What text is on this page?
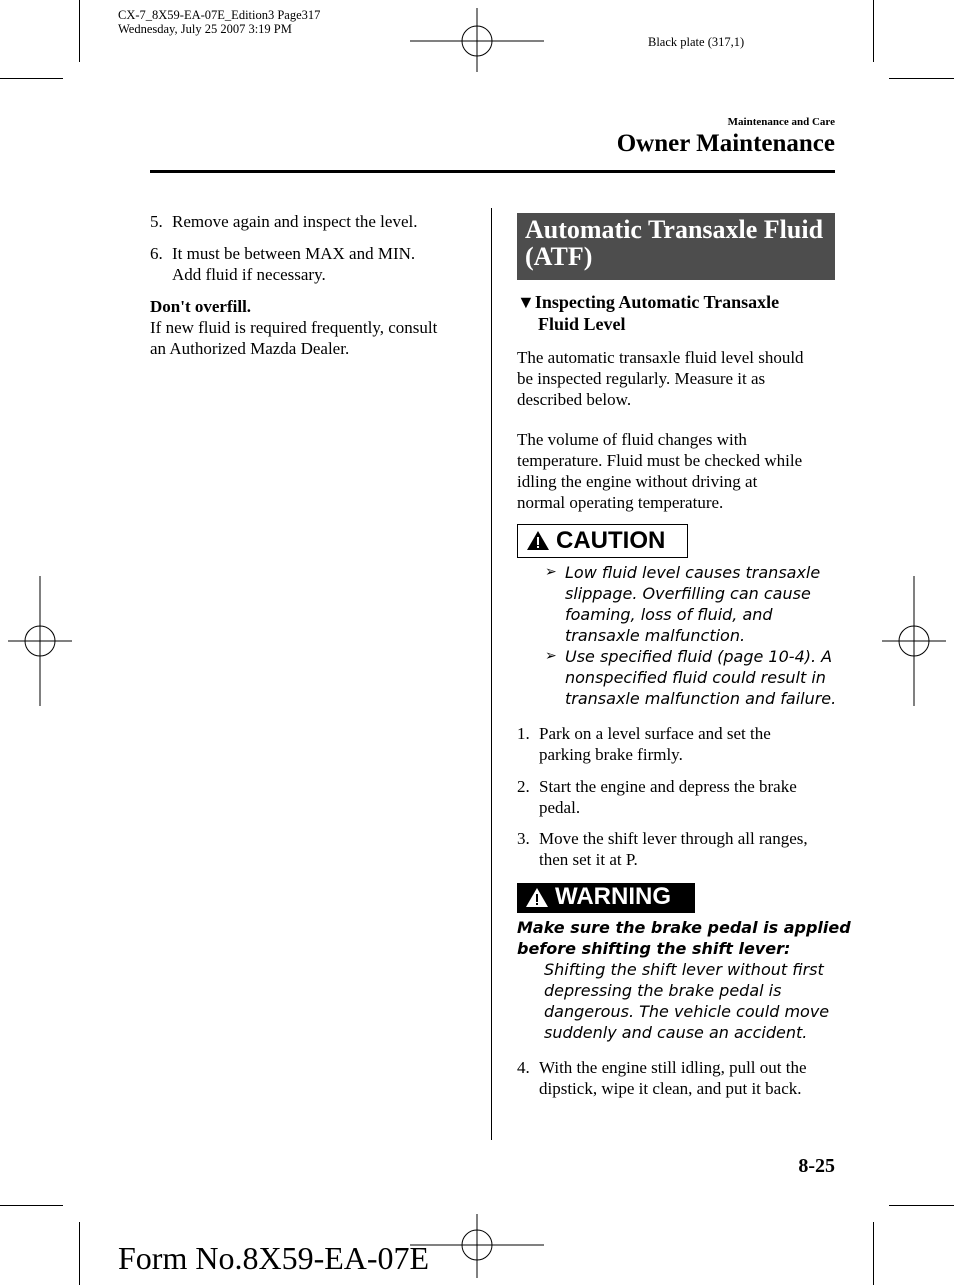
CX-7_8X59-EA-07E_Edition3 Page317
Wednesday, July 25 2007 3:19 PM
Black plate (317,1)
Maintenance and Care
Owner Maintenance
5. Remove again and inspect the level.
6. It must be between MAX and MIN.
Add fluid if necessary.
Don't overfill.
If new fluid is required frequently, consult
an Authorized Mazda Dealer.
Automatic Transaxle Fluid
(ATF)
▼Inspecting Automatic Transaxle
Fluid Level
The automatic transaxle fluid level should
be inspected regularly. Measure it as
described below.
The volume of fluid changes with
temperature. Fluid must be checked while
idling the engine without driving at
normal operating temperature.
CAUTION
➢ Low fluid level causes transaxle
slippage. Overfilling can cause
foaming, loss of fluid, and
transaxle malfunction.
➢ Use specified fluid (page 10-4). A
nonspecified fluid could result in
transaxle malfunction and failure.
1. Park on a level surface and set the
parking brake firmly.
2. Start the engine and depress the brake
pedal.
3. Move the shift lever through all ranges,
then set it at P.
WARNING
Make sure the brake pedal is applied
before shifting the shift lever:
Shifting the shift lever without first
depressing the brake pedal is
dangerous. The vehicle could move
suddenly and cause an accident.
4. With the engine still idling, pull out the
dipstick, wipe it clean, and put it back.
8-25
Form No.8X59-EA-07E
